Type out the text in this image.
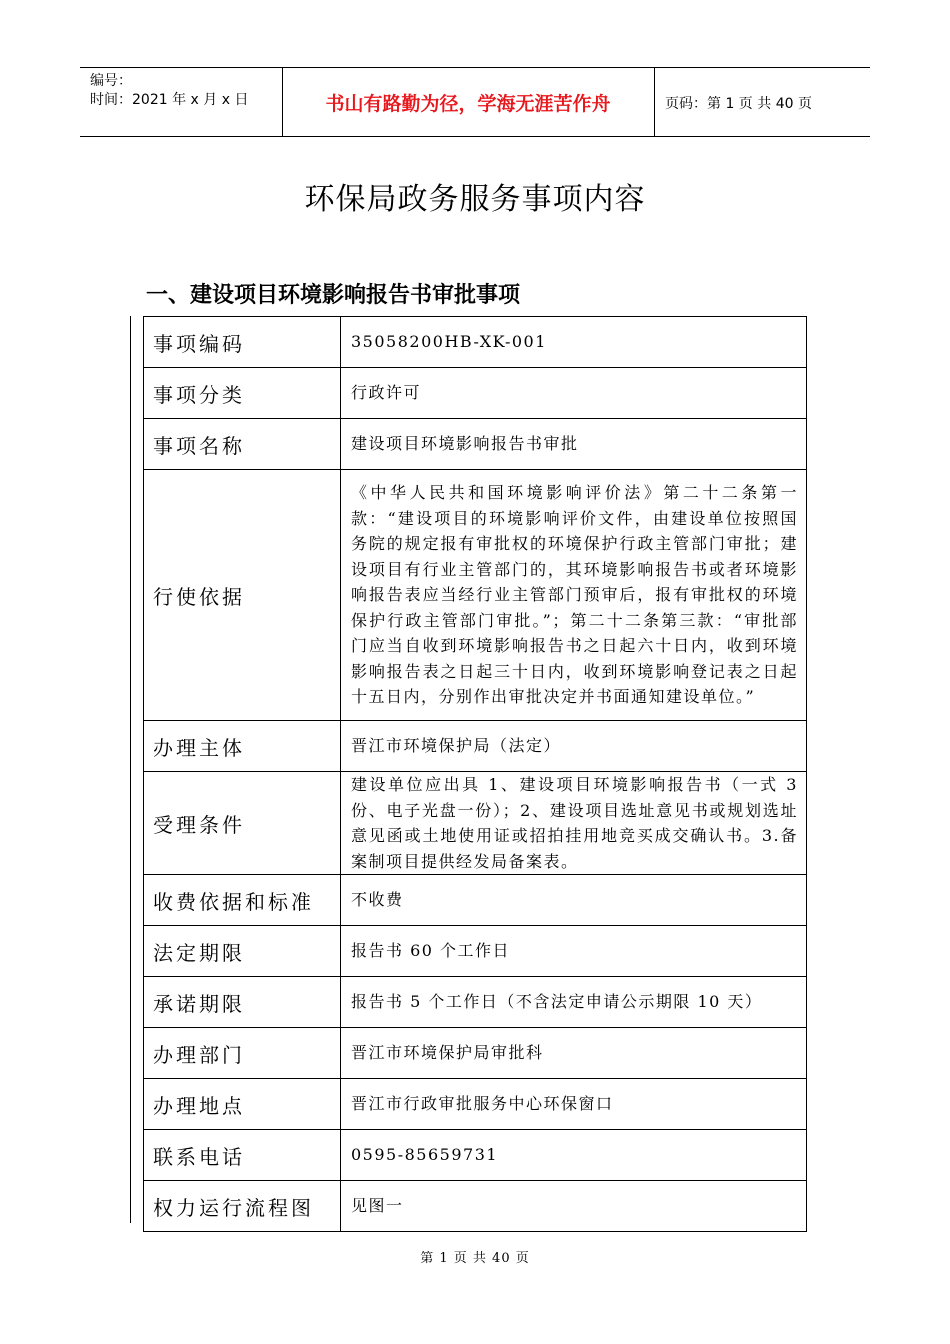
编号：
时间：2021 年 x 月 x 日	书山有路勤为径，学海无涯苦作舟	页码：第 1 页 共 40 页
环保局政务服务事项内容
一、建设项目环境影响报告书审批事项
事项编码	35058200HB-XK-001
事项分类	行政许可
事项名称	建设项目环境影响报告书审批
行使依据	《中华人民共和国环境影响评价法》第二十二条第一款：“建设项目的环境影响评价文件，由建设单位按照国务院的规定报有审批权的环境保护行政主管部门审批；建设项目有行业主管部门的，其环境影响报告书或者环境影响报告表应当经行业主管部门预审后，报有审批权的环境保护行政主管部门审批。”；第二十二条第三款：“审批部门应当自收到环境影响报告书之日起六十日内，收到环境影响报告表之日起三十日内，收到环境影响登记表之日起十五日内，分别作出审批决定并书面通知建设单位。”
办理主体	晋江市环境保护局（法定）
受理条件	建设单位应出具 1、建设项目环境影响报告书（一式 3 份、电子光盘一份）；2、建设项目选址意见书或规划选址意见函或土地使用证或招拍挂用地竞买成交确认书。3.备案制项目提供经发局备案表。
收费依据和标准	不收费
法定期限	报告书 60 个工作日
承诺期限	报告书 5 个工作日（不含法定申请公示期限 10 天）
办理部门	晋江市环境保护局审批科
办理地点	晋江市行政审批服务中心环保窗口
联系电话	0595-85659731
权力运行流程图	见图一
第 1 页 共 40 页
